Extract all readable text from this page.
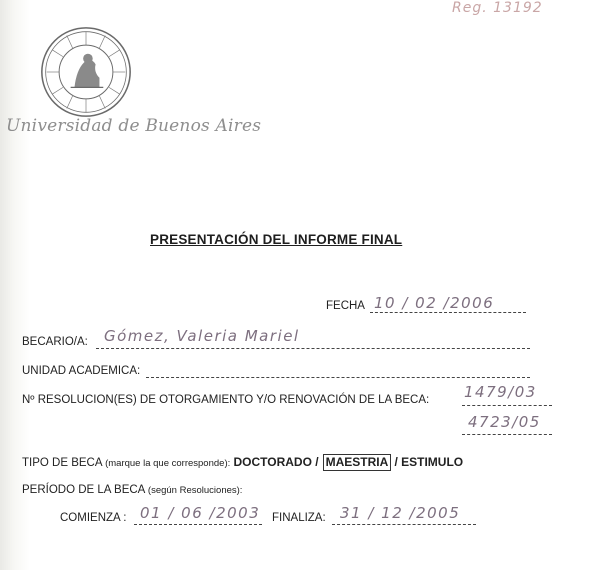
Reg. 13192
Universidad de Buenos Aires
PRESENTACIÓN DEL INFORME FINAL
FECHA 10 / 02 /2006
BECARIO/A: Gómez, Valeria Mariel
UNIDAD ACADEMICA:
Nº RESOLUCION(ES) DE OTORGAMIENTO Y/O RENOVACIÓN DE LA BECA: 1479/03
4723/05
TIPO DE BECA (marque la que corresponde): DOCTORADO / MAESTRIA / ESTIMULO
PERÍODO DE LA BECA (según Resoluciones):
COMIENZA : 01 / 06 /2003 FINALIZA: 31 / 12 /2005
